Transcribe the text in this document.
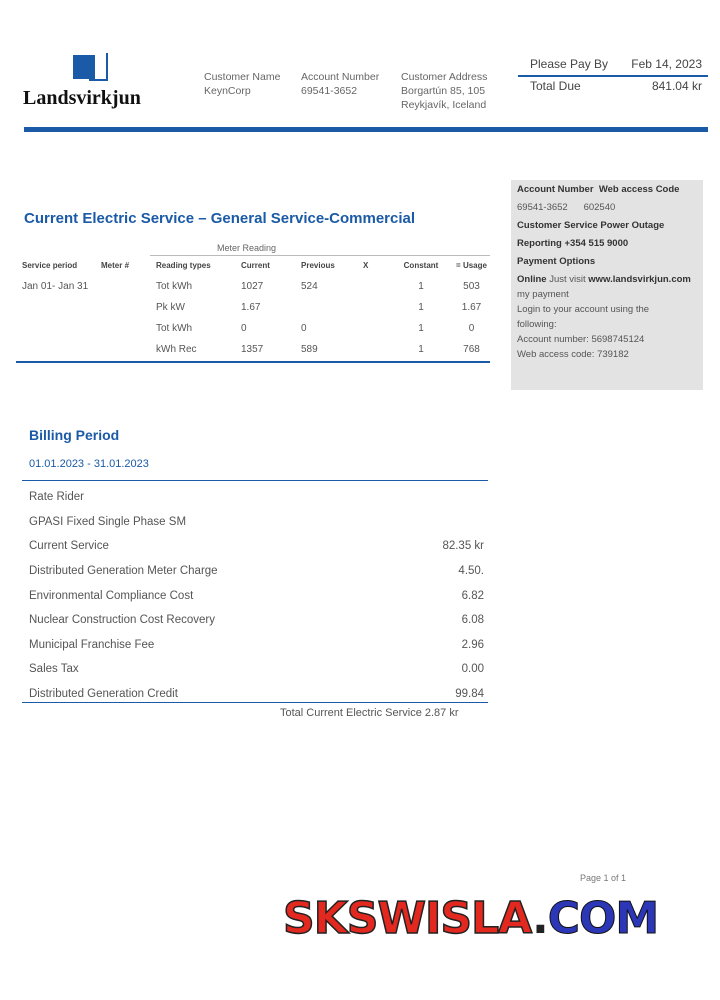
Landsvirkjun
Customer Name
KeynCorp
Account Number
69541-3652
Customer Address
Borgartún 85, 105
Reykjavík, Iceland
Please Pay By Feb 14, 2023
Total Due	841.04 kr
Account Number Web access Code
69541-3652 602540
Customer Service Power Outage
Reporting +354 515 9000
Payment Options
Online Just visit www.landsvirkjun.com
my payment
Login to your account using the
following:
Account number: 5698745124
Web access code: 739182
Current Electric Service – General Service-Commercial
Meter Reading
Service period	Meter #	Reading types	Current	Previous	X	Constant	= Usage
Jan 01- Jan 31		Tot kWh	1027	524		1	503
		Pk kW	1.67			1	1.67
		Tot kWh	0	0		1	0
		kWh Rec	1357	589		1	768
Billing Period
01.01.2023 - 31.01.2023
Rate Rider
GPASI Fixed Single Phase SM
Current Service	82.35 kr
Distributed Generation Meter Charge	4.50.
Environmental Compliance Cost	6.82
Nuclear Construction Cost Recovery	6.08
Municipal Franchise Fee	2.96
Sales Tax	0.00
Distributed Generation Credit	99.84
Total Current Electric Service 2.87 kr
Page 1 of 1
SKSWISLA.COM
